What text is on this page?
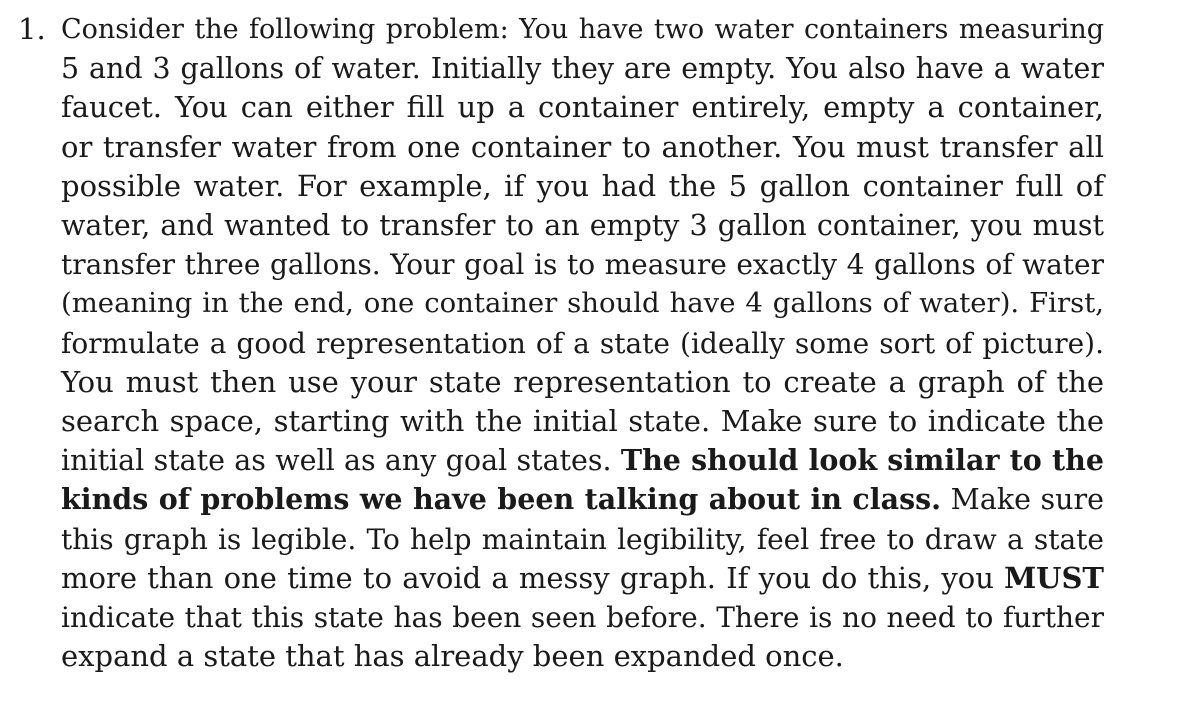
1. Consider the following problem: You have two water containers measuring
5 and 3 gallons of water. Initially they are empty. You also have a water
faucet. You can either fill up a container entirely, empty a container,
or transfer water from one container to another. You must transfer all
possible water. For example, if you had the 5 gallon container full of
water, and wanted to transfer to an empty 3 gallon container, you must
transfer three gallons. Your goal is to measure exactly 4 gallons of water
(meaning in the end, one container should have 4 gallons of water). First,
formulate a good representation of a state (ideally some sort of picture).
You must then use your state representation to create a graph of the
search space, starting with the initial state. Make sure to indicate the
initial state as well as any goal states. The should look similar to the
kinds of problems we have been talking about in class. Make sure
this graph is legible. To help maintain legibility, feel free to draw a state
more than one time to avoid a messy graph. If you do this, you MUST
indicate that this state has been seen before. There is no need to further
expand a state that has already been expanded once.
